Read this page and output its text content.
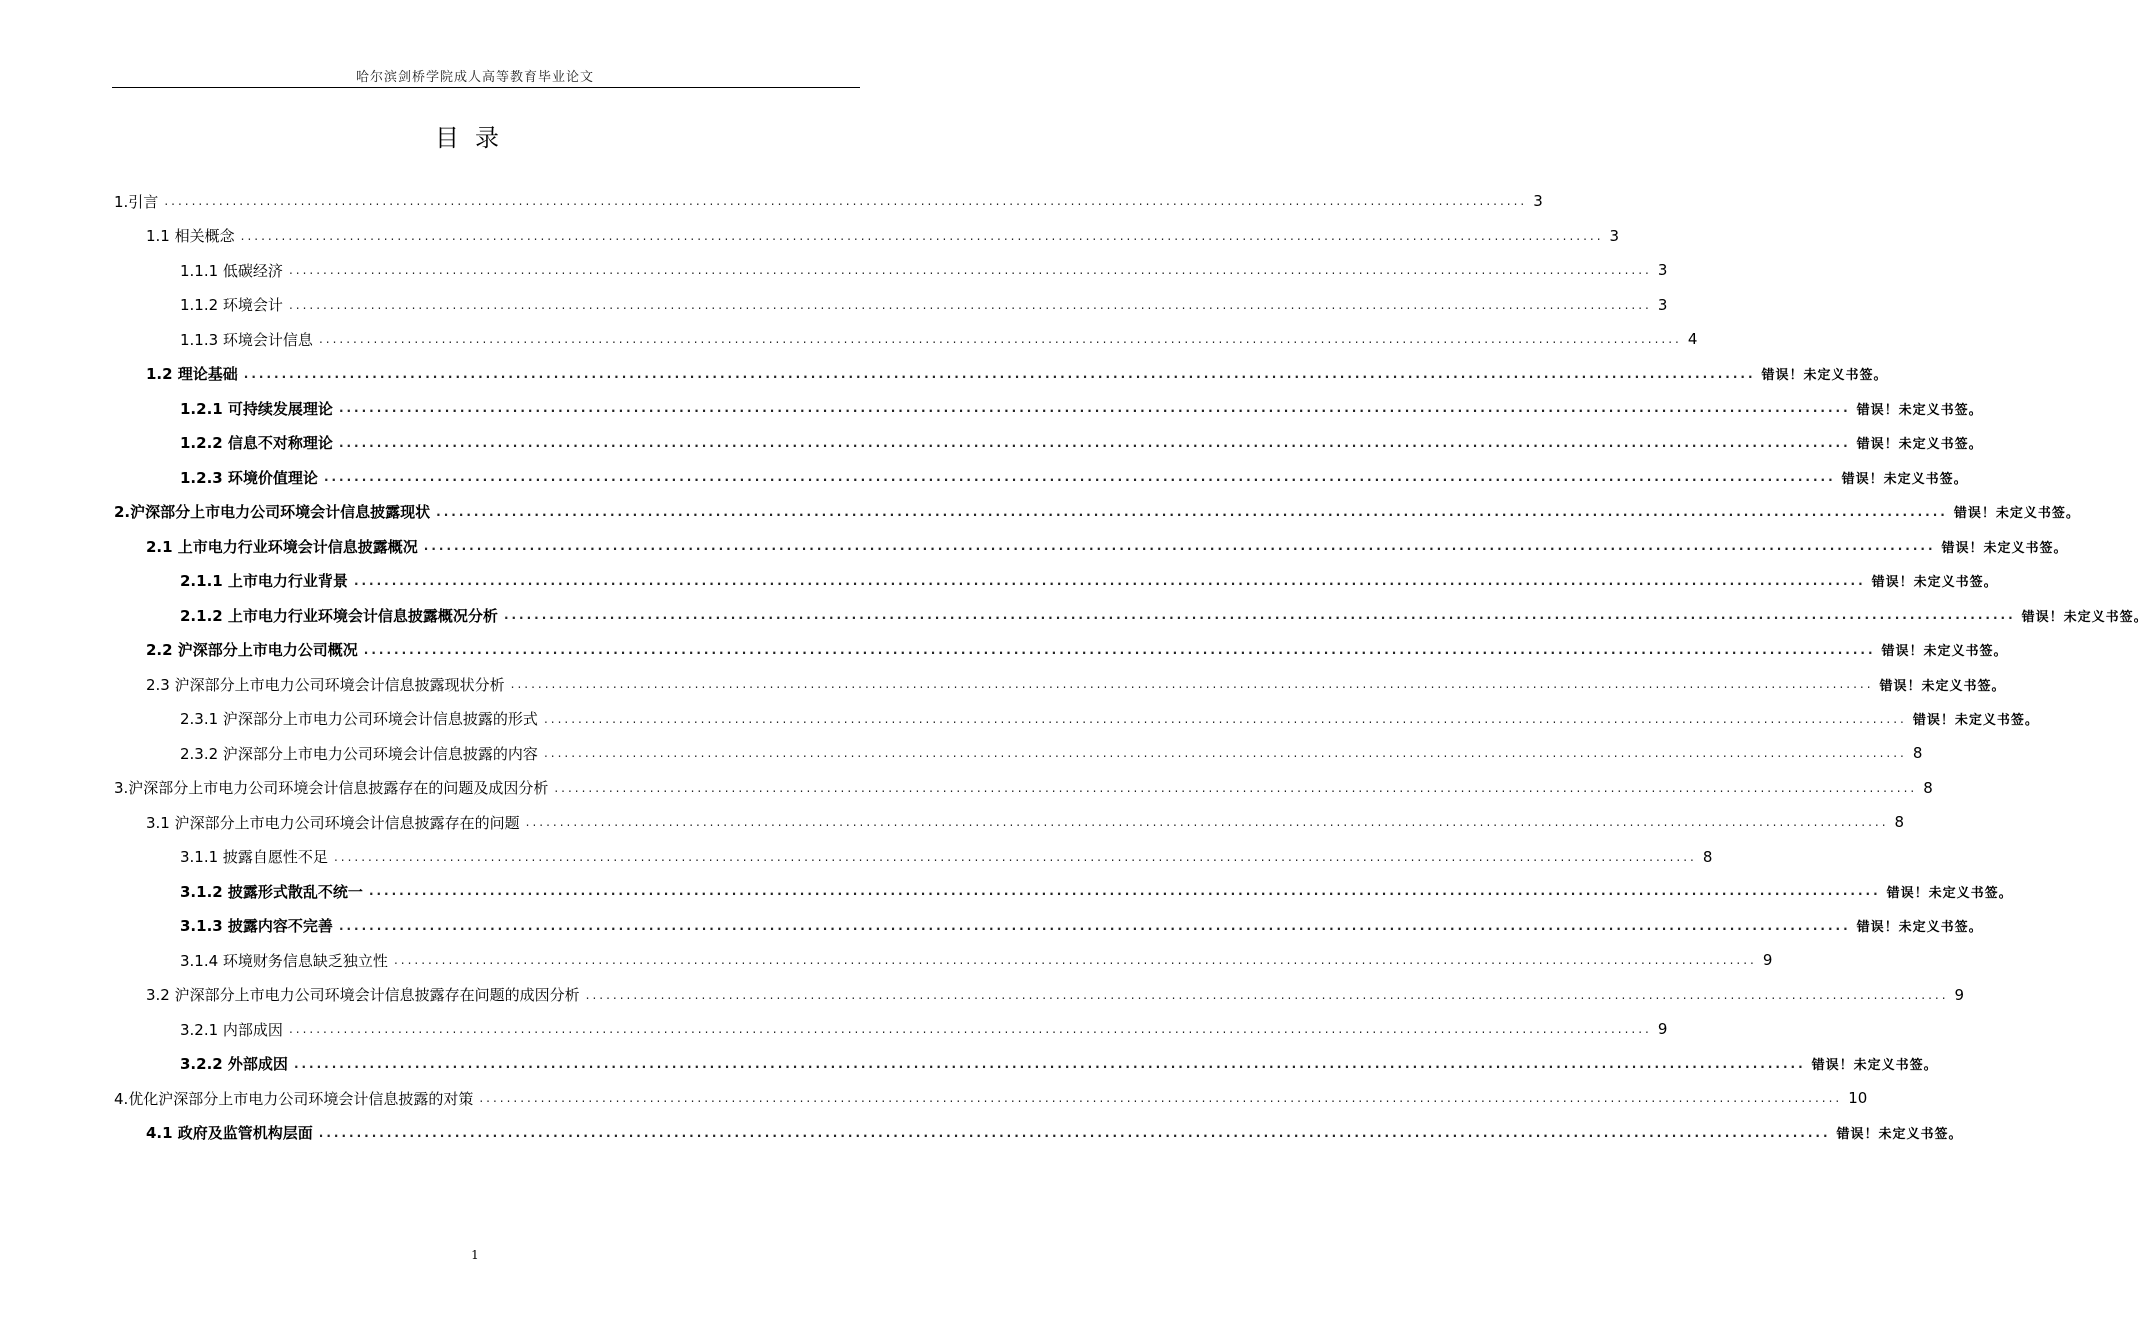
哈尔滨剑桥学院成人高等教育毕业论文
目录
1.引言 ........................................................................................................................................................................................................ 3
1.1 相关概念 ........................................................................................................................................................................................................ 3
1.1.1 低碳经济 ........................................................................................................................................................................................................ 3
1.1.2 环境会计 ........................................................................................................................................................................................................ 3
1.1.3 环境会计信息 ........................................................................................................................................................................................................ 4
1.2 理论基础 ........................................................................................................................................................................................................ 错误！未定义书签。
1.2.1 可持续发展理论 ........................................................................................................................................................................................................ 错误！未定义书签。
1.2.2 信息不对称理论 ........................................................................................................................................................................................................ 错误！未定义书签。
1.2.3 环境价值理论 ........................................................................................................................................................................................................ 错误！未定义书签。
2.沪深部分上市电力公司环境会计信息披露现状 ........................................................................................................................................................................................................ 错误！未定义书签。
2.1 上市电力行业环境会计信息披露概况 ........................................................................................................................................................................................................ 错误！未定义书签。
2.1.1 上市电力行业背景 ........................................................................................................................................................................................................ 错误！未定义书签。
2.1.2 上市电力行业环境会计信息披露概况分析 ........................................................................................................................................................................................................ 错误！未定义书签。
2.2 沪深部分上市电力公司概况 ........................................................................................................................................................................................................ 错误！未定义书签。
2.3 沪深部分上市电力公司环境会计信息披露现状分析 ........................................................................................................................................................................................................ 错误！未定义书签。
2.3.1 沪深部分上市电力公司环境会计信息披露的形式 ........................................................................................................................................................................................................ 错误！未定义书签。
2.3.2 沪深部分上市电力公司环境会计信息披露的内容 ........................................................................................................................................................................................................ 8
3.沪深部分上市电力公司环境会计信息披露存在的问题及成因分析 ........................................................................................................................................................................................................ 8
3.1 沪深部分上市电力公司环境会计信息披露存在的问题 ........................................................................................................................................................................................................ 8
3.1.1 披露自愿性不足 ........................................................................................................................................................................................................ 8
3.1.2 披露形式散乱不统一 ........................................................................................................................................................................................................ 错误！未定义书签。
3.1.3 披露内容不完善 ........................................................................................................................................................................................................ 错误！未定义书签。
3.1.4 环境财务信息缺乏独立性 ........................................................................................................................................................................................................ 9
3.2 沪深部分上市电力公司环境会计信息披露存在问题的成因分析 ........................................................................................................................................................................................................ 9
3.2.1 内部成因 ........................................................................................................................................................................................................ 9
3.2.2 外部成因 ........................................................................................................................................................................................................ 错误！未定义书签。
4.优化沪深部分上市电力公司环境会计信息披露的对策 ........................................................................................................................................................................................................ 10
4.1 政府及监管机构层面 ........................................................................................................................................................................................................ 错误！未定义书签。
1
